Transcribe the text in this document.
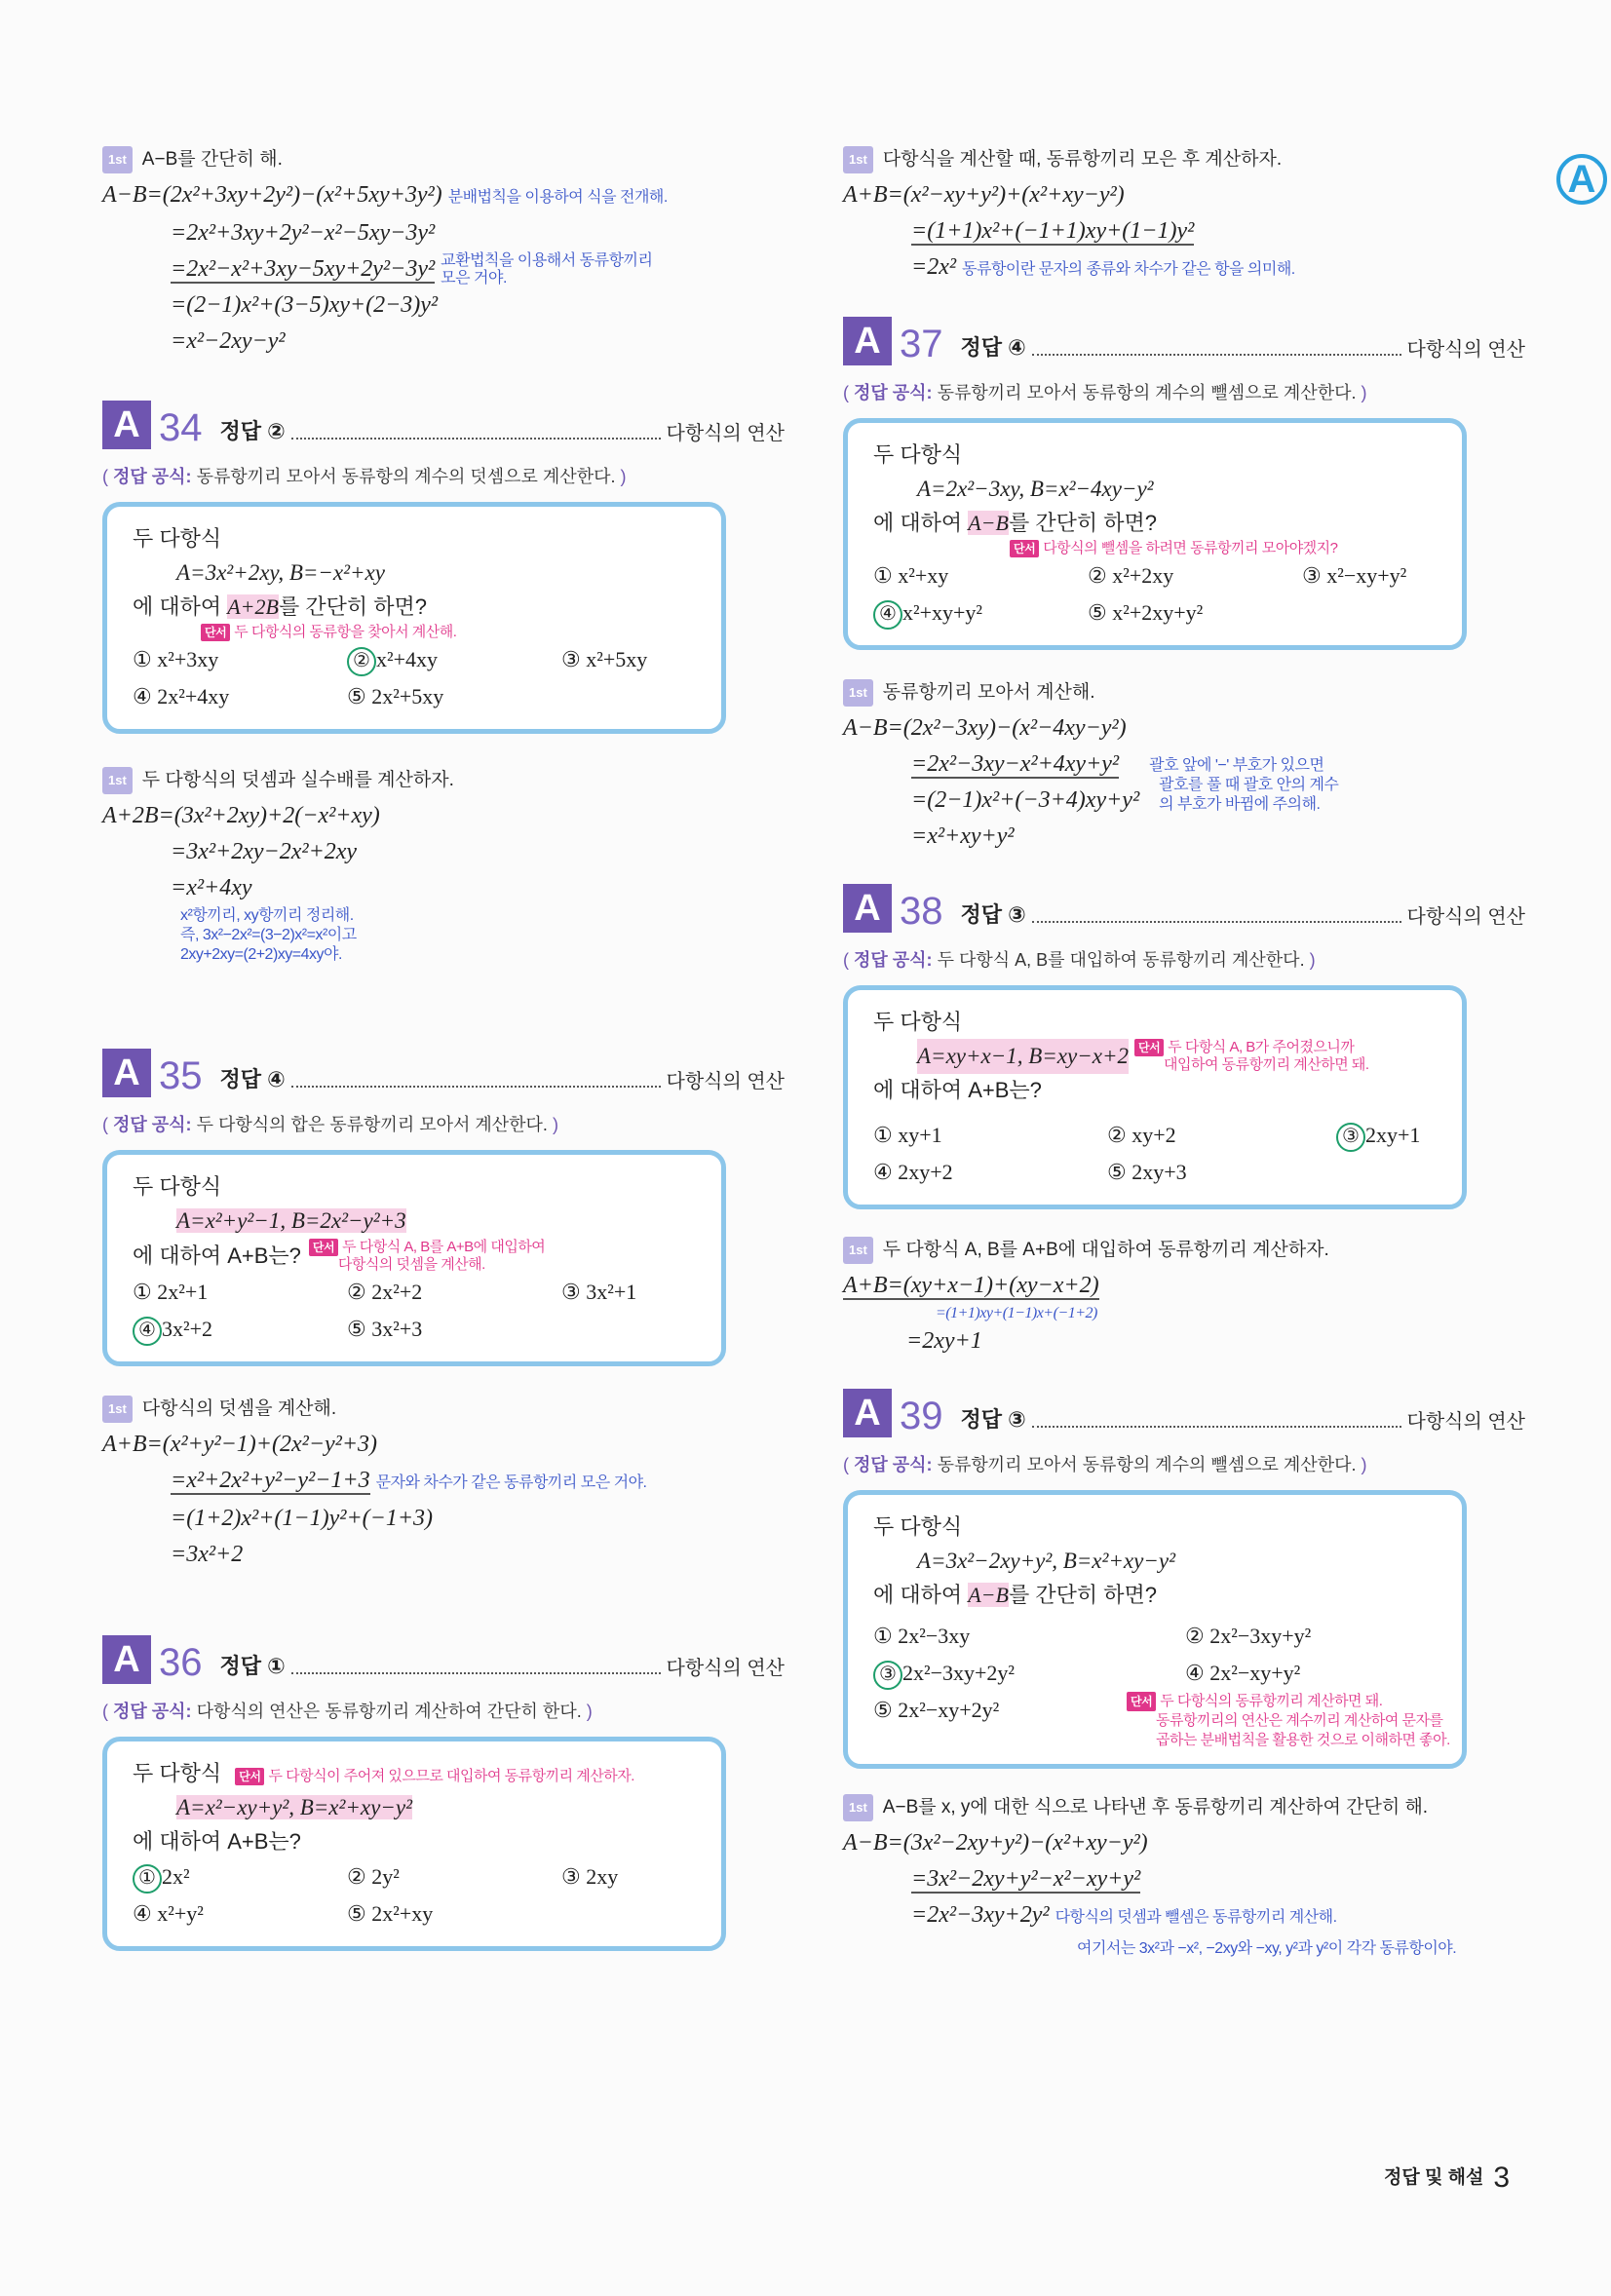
A
1st A−B를 간단히 해.
A−B=(2x²+3xy+2y²)−(x²+5xy+3y²) 분배법칙을 이용하여 식을 전개해.
=2x²+3xy+2y²−x²−5xy−3y²
=2x²−x²+3xy−5xy+2y²−3y² 교환법칙을 이용해서 동류항끼리 모은 거야.
=(2−1)x²+(3−5)xy+(2−3)y²
=x²−2xy−y²
A 34 정답 ②	다항식의 연산
( 정답 공식: 동류항끼리 모아서 동류항의 계수의 덧셈으로 계산한다. )
두 다항식
A=3x²+2xy, B=−x²+xy
에 대하여 A+2B를 간단히 하면?
단서 두 다항식의 동류항을 찾아서 계산해.
① x²+3xy	② x²+4xy	③ x²+5xy
④ 2x²+4xy	⑤ 2x²+5xy
1st 두 다항식의 덧셈과 실수배를 계산하자.
A+2B=(3x²+2xy)+2(−x²+xy)
=3x²+2xy−2x²+2xy
=x²+4xy
x²항끼리, xy항끼리 정리해.
즉, 3x²−2x²=(3−2)x²=x²이고
2xy+2xy=(2+2)xy=4xy야.
A 35 정답 ④	다항식의 연산
( 정답 공식: 두 다항식의 합은 동류항끼리 모아서 계산한다. )
두 다항식
A=x²+y²−1, B=2x²−y²+3
에 대하여 A+B는?	단서 두 다항식 A, B를 A+B에 대입하여
다항식의 덧셈을 계산해.
① 2x²+1	② 2x²+2	③ 3x²+1
④ 3x²+2	⑤ 3x²+3
1st 다항식의 덧셈을 계산해.
A+B=(x²+y²−1)+(2x²−y²+3)
=x²+2x²+y²−y²−1+3 문자와 차수가 같은 동류항끼리 모은 거야.
=(1+2)x²+(1−1)y²+(−1+3)
=3x²+2
A 36 정답 ①	다항식의 연산
( 정답 공식: 다항식의 연산은 동류항끼리 계산하여 간단히 한다. )
두 다항식 단서 두 다항식이 주어져 있으므로 대입하여 동류항끼리 계산하자.
A=x²−xy+y², B=x²+xy−y²
에 대하여 A+B는?
① 2x²	② 2y²	③ 2xy
④ x²+y²	⑤ 2x²+xy
1st 다항식을 계산할 때, 동류항끼리 모은 후 계산하자.
A+B=(x²−xy+y²)+(x²+xy−y²)
=(1+1)x²+(−1+1)xy+(1−1)y²
=2x² 동류항이란 문자의 종류와 차수가 같은 항을 의미해.
A 37 정답 ④	다항식의 연산
( 정답 공식: 동류항끼리 모아서 동류항의 계수의 뺄셈으로 계산한다. )
두 다항식
A=2x²−3xy, B=x²−4xy−y²
에 대하여 A−B를 간단히 하면?
단서 다항식의 뺄셈을 하려면 동류항끼리 모아야겠지?
① x²+xy	② x²+2xy	③ x²−xy+y²
④ x²+xy+y²	⑤ x²+2xy+y²
1st 동류항끼리 모아서 계산해.
A−B=(2x²−3xy)−(x²−4xy−y²)
=2x²−3xy−x²+4xy+y²
=(2−1)x²+(−3+4)xy+y²
=x²+xy+y²
괄호 앞에 '−' 부호가 있으면
괄호를 풀 때 괄호 안의 계수
의 부호가 바뀜에 주의해.
A 38 정답 ③	다항식의 연산
( 정답 공식: 두 다항식 A, B를 대입하여 동류항끼리 계산한다. )
두 다항식
A=xy+x−1, B=xy−x+2 단서 두 다항식 A, B가 주어졌으니까
대입하여 동류항끼리 계산하면 돼.
에 대하여 A+B는?
① xy+1	② xy+2	③ 2xy+1
④ 2xy+2	⑤ 2xy+3
1st 두 다항식 A, B를 A+B에 대입하여 동류항끼리 계산하자.
A+B=(xy+x−1)+(xy−x+2)
=(1+1)xy+(1−1)x+(−1+2)
=2xy+1
A 39 정답 ③	다항식의 연산
( 정답 공식: 동류항끼리 모아서 동류항의 계수의 뺄셈으로 계산한다. )
두 다항식
A=3x²−2xy+y², B=x²+xy−y²
에 대하여 A−B를 간단히 하면?
① 2x²−3xy	② 2x²−3xy+y²
③ 2x²−3xy+2y²	④ 2x²−xy+y²
⑤ 2x²−xy+2y²	단서 두 다항식의 동류항끼리 계산하면 돼.
동류항끼리의 연산은 계수끼리 계산하여 문자를
곱하는 분배법칙을 활용한 것으로 이해하면 좋아.
1st A−B를 x, y에 대한 식으로 나타낸 후 동류항끼리 계산하여 간단히 해.
A−B=(3x²−2xy+y²)−(x²+xy−y²)
=3x²−2xy+y²−x²−xy+y²
=2x²−3xy+2y² 다항식의 덧셈과 뺄셈은 동류항끼리 계산해.
여기서는 3x²과 −x², −2xy와 −xy, y²과 y²이 각각 동류항이야.
정답 및 해설 3
